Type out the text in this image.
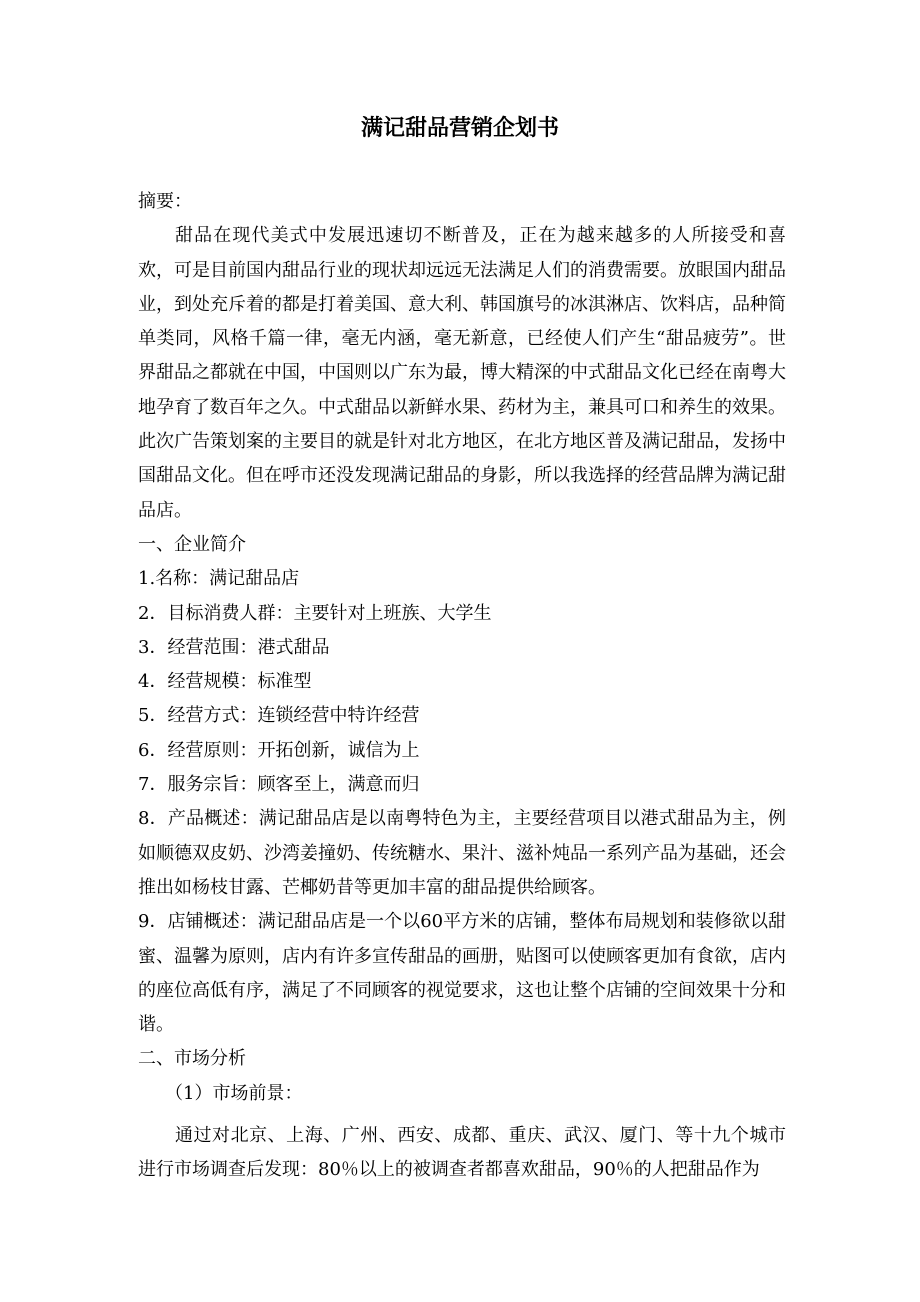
满记甜品营销企划书

摘要：

甜品在现代美式中发展迅速切不断普及，正在为越来越多的人所接受和喜欢，可是目前国内甜品行业的现状却远远无法满足人们的消费需要。放眼国内甜品业，到处充斥着的都是打着美国、意大利、韩国旗号的冰淇淋店、饮料店，品种简单类同，风格千篇一律，毫无内涵，毫无新意，已经使人们产生“甜品疲劳”。世界甜品之都就在中国，中国则以广东为最，博大精深的中式甜品文化已经在南粤大地孕育了数百年之久。中式甜品以新鲜水果、药材为主，兼具可口和养生的效果。此次广告策划案的主要目的就是针对北方地区，在北方地区普及满记甜品，发扬中国甜品文化。但在呼市还没发现满记甜品的身影，所以我选择的经营品牌为满记甜品店。

一、企业简介

1.名称：满记甜品店

2．目标消费人群：主要针对上班族、大学生

3．经营范围：港式甜品

4．经营规模：标准型

5．经营方式：连锁经营中特许经营

6．经营原则：开拓创新，诚信为上

7．服务宗旨：顾客至上，满意而归

8．产品概述：满记甜品店是以南粤特色为主，主要经营项目以港式甜品为主，例如顺德双皮奶、沙湾姜撞奶、传统糖水、果汁、滋补炖品一系列产品为基础，还会推出如杨枝甘露、芒椰奶昔等更加丰富的甜品提供给顾客。

9．店铺概述：满记甜品店是一个以60平方米的店铺，整体布局规划和装修欲以甜蜜、温馨为原则，店内有许多宣传甜品的画册，贴图可以使顾客更加有食欲，店内的座位高低有序，满足了不同顾客的视觉要求，这也让整个店铺的空间效果十分和谐。

二、市场分析

（1）市场前景：

通过对北京、上海、广州、西安、成都、重庆、武汉、厦门、等十九个城市进行市场调查后发现：80％以上的被调查者都喜欢甜品，90％的人把甜品作为
